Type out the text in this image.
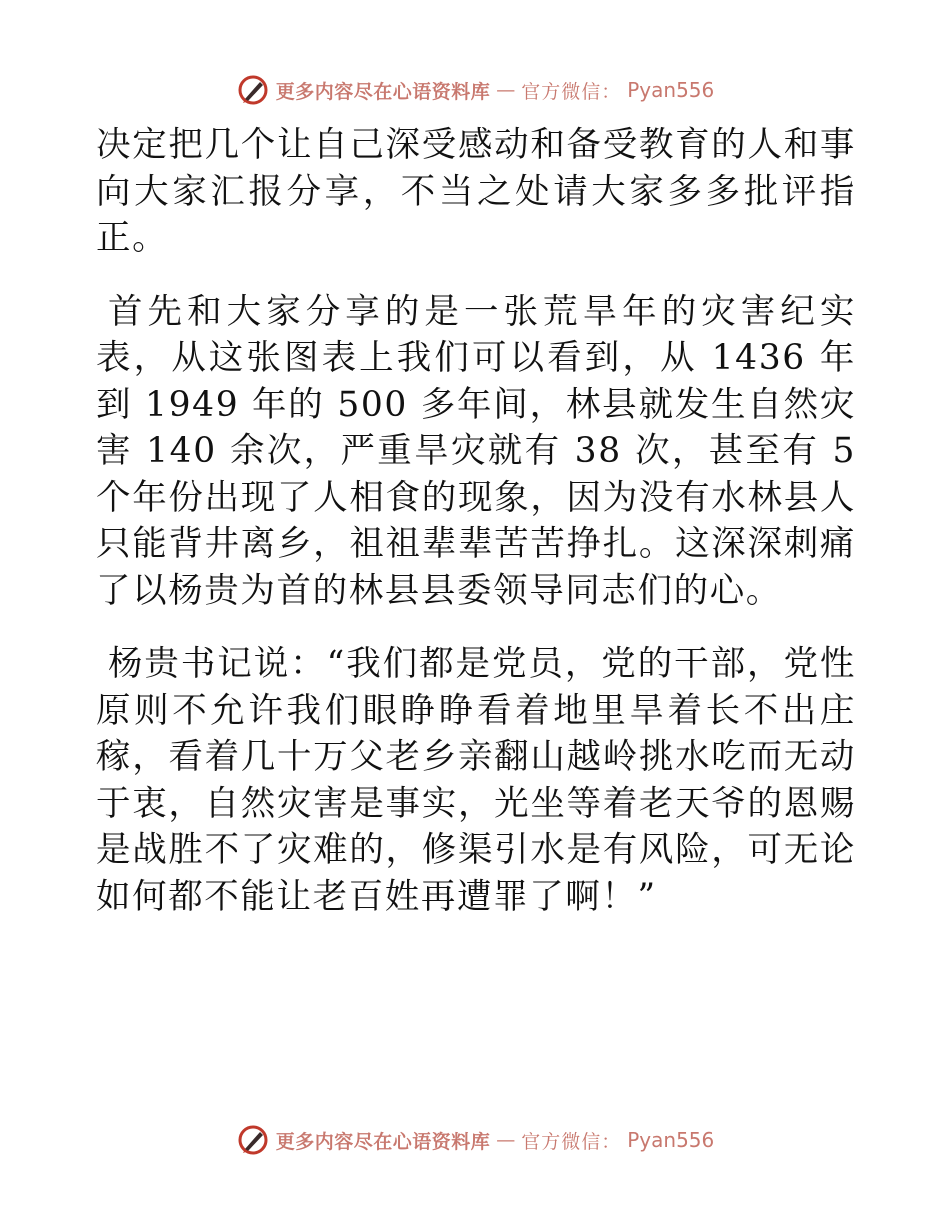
更多内容尽在心语资料库 — 官方微信： Pyan556

决定把几个让自己深受感动和备受教育的人和事向大家汇报分享，不当之处请大家多多批评指正。

首先和大家分享的是一张荒旱年的灾害纪实表，从这张图表上我们可以看到，从 1436 年到 1949 年的 500 多年间，林县就发生自然灾害 140 余次，严重旱灾就有 38 次，甚至有 5 个年份出现了人相食的现象，因为没有水林县人只能背井离乡，祖祖辈辈苦苦挣扎。这深深刺痛了以杨贵为首的林县县委领导同志们的心。

杨贵书记说：“我们都是党员，党的干部，党性原则不允许我们眼睁睁看着地里旱着长不出庄稼，看着几十万父老乡亲翻山越岭挑水吃而无动于衷，自然灾害是事实，光坐等着老天爷的恩赐是战胜不了灾难的，修渠引水是有风险，可无论如何都不能让老百姓再遭罪了啊！”

更多内容尽在心语资料库 — 官方微信： Pyan556
